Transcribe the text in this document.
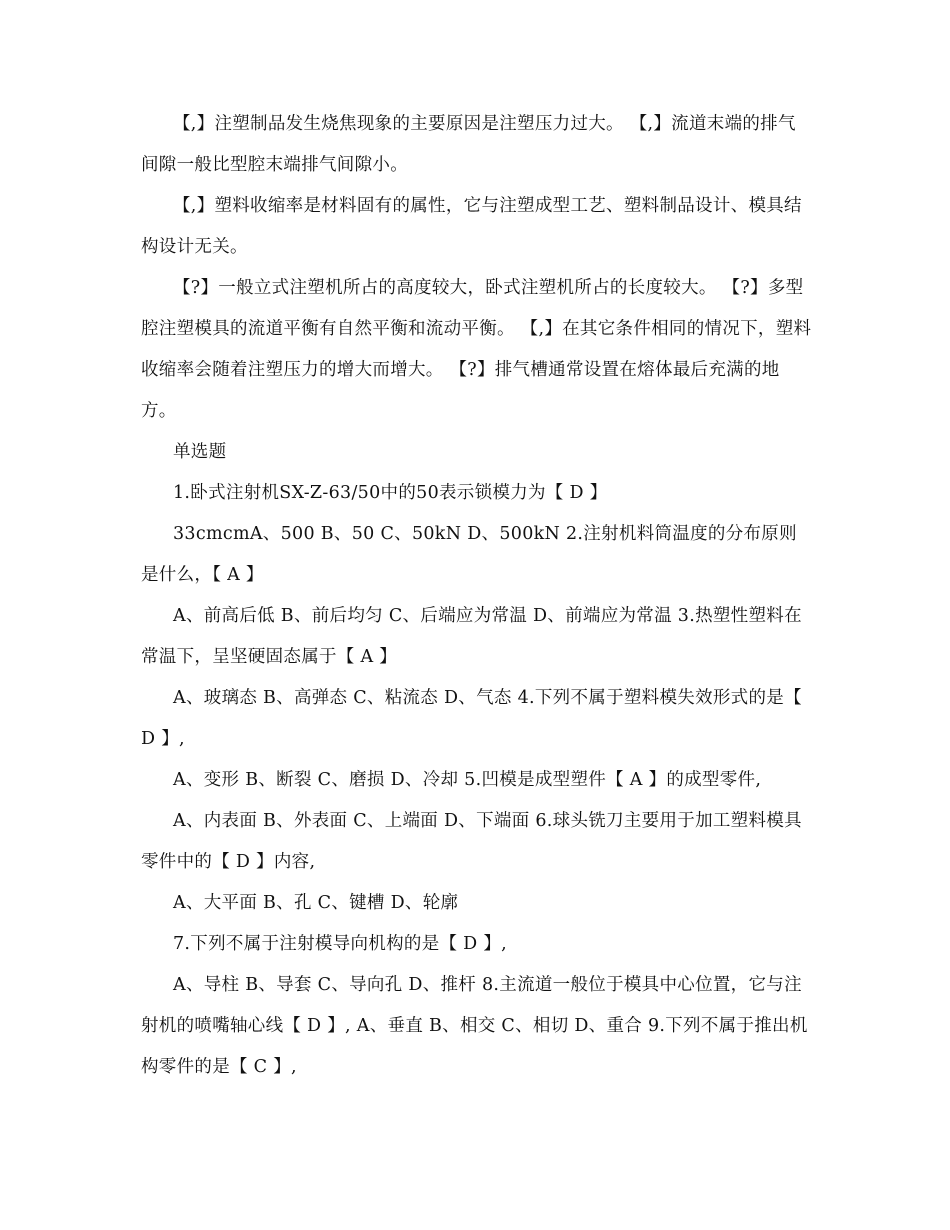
【,】注塑制品发生烧焦现象的主要原因是注塑压力过大。 【,】流道末端的排气间隙一般比型腔末端排气间隙小。

【,】塑料收缩率是材料固有的属性，它与注塑成型工艺、塑料制品设计、模具结构设计无关。

【?】一般立式注塑机所占的高度较大，卧式注塑机所占的长度较大。 【?】多型腔注塑模具的流道平衡有自然平衡和流动平衡。 【,】在其它条件相同的情况下，塑料收缩率会随着注塑压力的增大而增大。 【?】排气槽通常设置在熔体最后充满的地方。

单选题

1.卧式注射机SX-Z-63/50中的50表示锁模力为【 D 】

33cmcmA、500 B、50 C、50kN D、500kN 2.注射机料筒温度的分布原则是什么，【 A 】

A、前高后低 B、前后均匀 C、后端应为常温 D、前端应为常温 3.热塑性塑料在常温下，呈坚硬固态属于【 A 】

A、玻璃态 B、高弹态 C、粘流态 D、气态 4.下列不属于塑料模失效形式的是【 D 】,

A、变形 B、断裂 C、磨损 D、冷却 5.凹模是成型塑件【 A 】的成型零件,

A、内表面 B、外表面 C、上端面 D、下端面 6.球头铣刀主要用于加工塑料模具零件中的【 D 】内容,

A、大平面 B、孔 C、键槽 D、轮廓

7.下列不属于注射模导向机构的是【 D 】,

A、导柱 B、导套 C、导向孔 D、推杆 8.主流道一般位于模具中心位置，它与注射机的喷嘴轴心线【 D 】, A、垂直 B、相交 C、相切 D、重合 9.下列不属于推出机构零件的是【 C 】,
